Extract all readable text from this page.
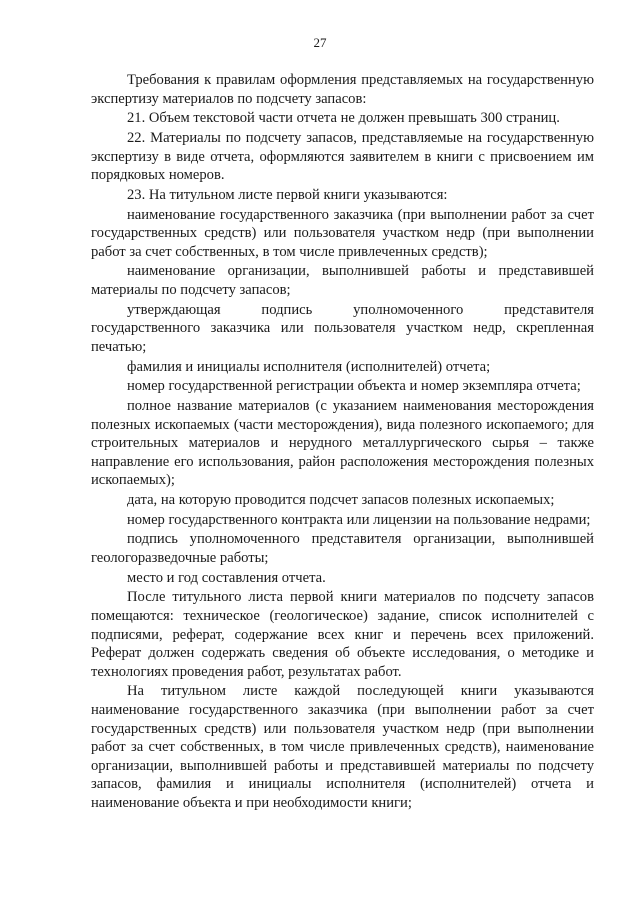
27

Требования к правилам оформления представляемых на государственную экспертизу материалов по подсчету запасов:

21. Объем текстовой части отчета не должен превышать 300 страниц.

22. Материалы по подсчету запасов, представляемые на государственную экспертизу в виде отчета, оформляются заявителем в книги с присвоением им порядковых номеров.

23. На титульном листе первой книги указываются:

наименование государственного заказчика (при выполнении работ за счет государственных средств) или пользователя участком недр (при выполнении работ за счет собственных, в том числе привлеченных средств);

наименование организации, выполнившей работы и представившей материалы по подсчету запасов;

утверждающая подпись уполномоченного представителя государственного заказчика или пользователя участком недр, скрепленная печатью;

фамилия и инициалы исполнителя (исполнителей) отчета;

номер государственной регистрации объекта и номер экземпляра отчета;

полное название материалов (с указанием наименования месторождения полезных ископаемых (части месторождения), вида полезного ископаемого; для строительных материалов и нерудного металлургического сырья – также направление его использования, район расположения месторождения полезных ископаемых);

дата, на которую проводится подсчет запасов полезных ископаемых;

номер государственного контракта или лицензии на пользование недрами;

подпись уполномоченного представителя организации, выполнившей геологоразведочные работы;

место и год составления отчета.

После титульного листа первой книги материалов по подсчету запасов помещаются: техническое (геологическое) задание, список исполнителей с подписями, реферат, содержание всех книг и перечень всех приложений. Реферат должен содержать сведения об объекте исследования, о методике и технологиях проведения работ, результатах работ.

На титульном листе каждой последующей книги указываются наименование государственного заказчика (при выполнении работ за счет государственных средств) или пользователя участком недр (при выполнении работ за счет собственных, в том числе привлеченных средств), наименование организации, выполнившей работы и представившей материалы по подсчету запасов, фамилия и инициалы исполнителя (исполнителей) отчета и наименование объекта и при необходимости книги;
